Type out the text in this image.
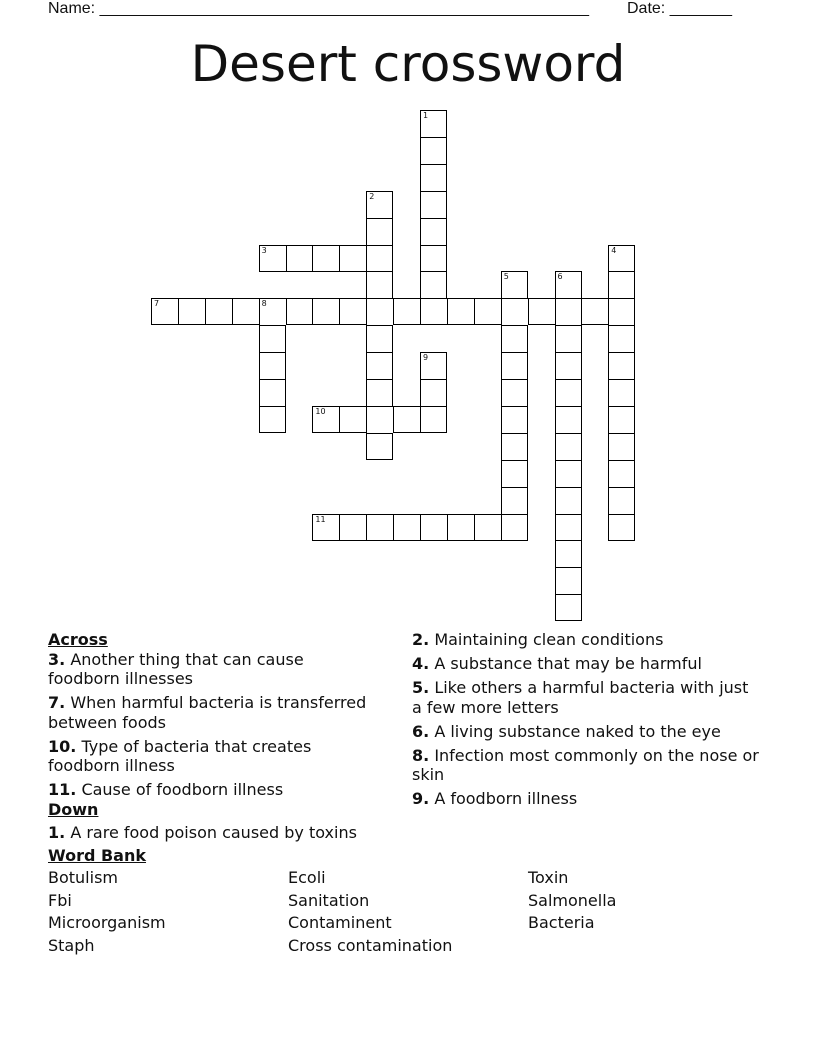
Name: _______________________________________________________ Date: _______
Desert crossword
1
2
3	4
5	6
7	8
9
10
11

Across

3. Another thing that can cause foodborn illnesses

7. When harmful bacteria is transferred between foods

10. Type of bacteria that creates foodborn illness

11. Cause of foodborn illness

Down

1. A rare food poison caused by toxins

2. Maintaining clean conditions

4. A substance that may be harmful

5. Like others a harmful bacteria with just a few more letters

6. A living substance naked to the eye

8. Infection most commonly on the nose or skin

9. A foodborn illness

Word Bank
Botulism	Ecoli	Toxin
Fbi	Sanitation	Salmonella
Microorganism	Contaminent	Bacteria
Staph	Cross contamination
